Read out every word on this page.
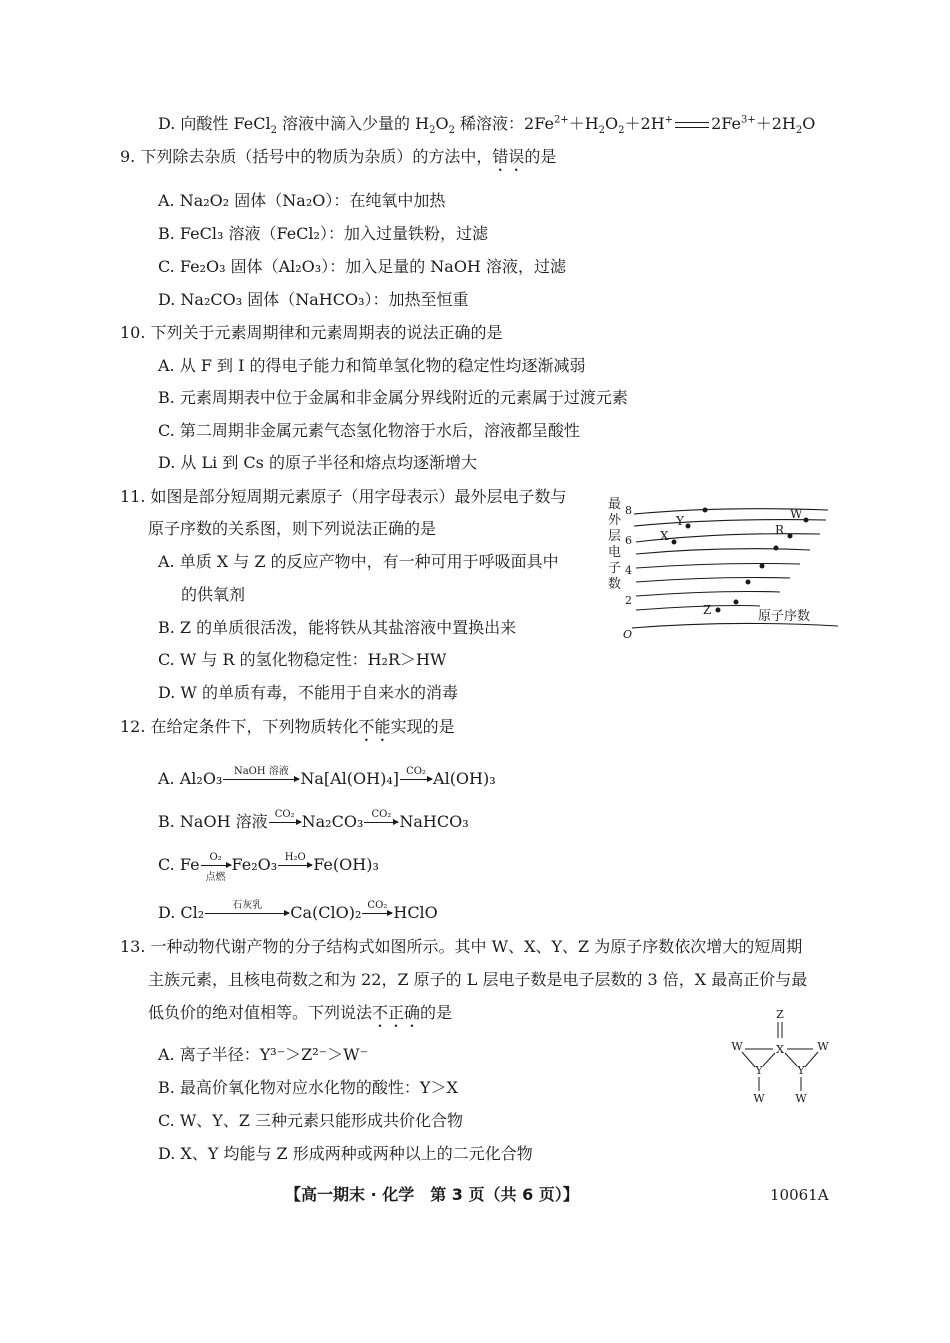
D. 向酸性 FeCl$_2$ 溶液中滴入少量的 $H_2O_2$ 稀溶液：$2Fe^{2+}+H_2O_2+2H^+$ $2Fe^{3+}+2H_2O$
9. 下列除去杂质（括号中的物质为杂质）的方法中，错误的是
A. Na₂O₂ 固体（Na₂O）：在纯氧中加热
B. FeCl₃ 溶液（FeCl₂）：加入过量铁粉，过滤
C. Fe₂O₃ 固体（Al₂O₃）：加入足量的 NaOH 溶液，过滤
D. Na₂CO₃ 固体（NaHCO₃）：加热至恒重
10. 下列关于元素周期律和元素周期表的说法正确的是
A. 从 F 到 I 的得电子能力和简单氢化物的稳定性均逐渐减弱
B. 元素周期表中位于金属和非金属分界线附近的元素属于过渡元素
C. 第二周期非金属元素气态氢化物溶于水后，溶液都呈酸性
D. 从 Li 到 Cs 的原子半径和熔点均逐渐增大
11. 如图是部分短周期元素原子（用字母表示）最外层电子数与
原子序数的关系图，则下列说法正确的是
A. 单质 X 与 Z 的反应产物中，有一种可用于呼吸面具中
的供氧剂
B. Z 的单质很活泼，能将铁从其盐溶液中置换出来
C. W 与 R 的氢化物稳定性：H₂R＞HW
D. W 的单质有毒，不能用于自来水的消毒
最
外
层
电
子
数
8
6
4
2
O
W
Y
R
X
Z	原子序数
12. 在给定条件下，下列物质转化不能实现的是
A. Al₂O₃	NaOH 溶液 Na[Al(OH)₄] CO₂ Al(OH)₃
B. NaOH 溶液 CO₂ Na₂CO₃ CO₂ NaHCO₃
C. Fe O₂
点燃
Fe₂O₃ H₂O Fe(OH)₃
D. Cl₂	石灰乳	Ca(ClO)₂ CO₂ HClO
13. 一种动物代谢产物的分子结构式如图所示。其中 W、X、Y、Z 为原子序数依次增大的短周期
主族元素，且核电荷数之和为 22，Z 原子的 L 层电子数是电子层数的 3 倍，X 最高正价与最
低负价的绝对值相等。下列说法不正确的是
A. 离子半径：Y³⁻＞Z²⁻＞W⁻
B. 最高价氧化物对应水化物的酸性：Y＞X
C. W、Y、Z 三种元素只能形成共价化合物
D. X、Y 均能与 Z 形成两种或两种以上的二元化合物
Z
X
Y	Y
W	W
W	W
【高一期末 · 化学　第 3 页（共 6 页）】	10061A
